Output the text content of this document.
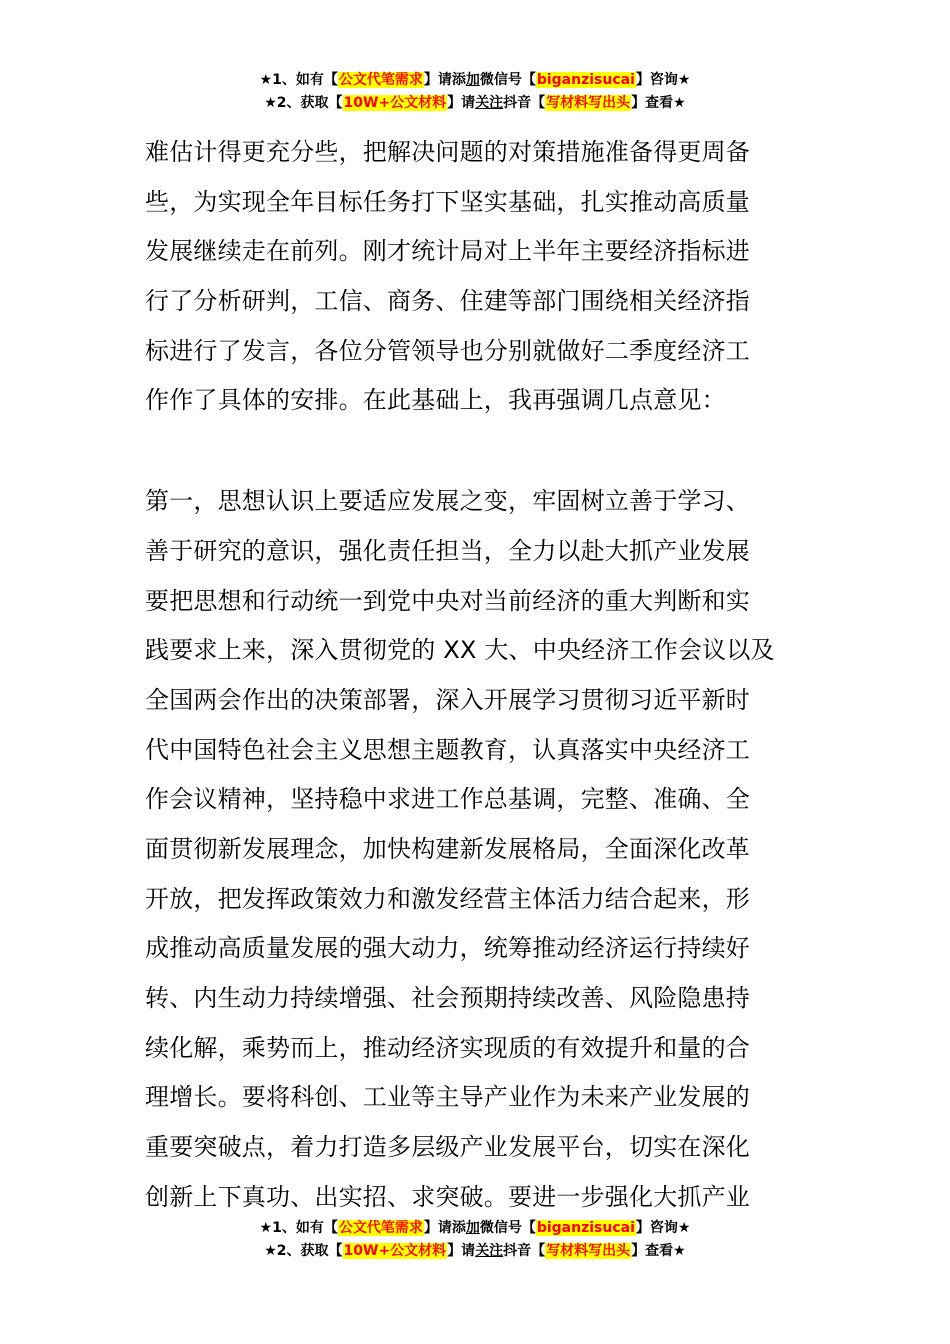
★1、如有【公文代笔需求】请添加微信号【biganzisucai】咨询★
★2、获取【10W+公文材料】请关注抖音【写材料写出头】查看★
难估计得更充分些，把解决问题的对策措施准备得更周备
些，为实现全年目标任务打下坚实基础，扎实推动高质量
发展继续走在前列。刚才统计局对上半年主要经济指标进
行了分析研判，工信、商务、住建等部门围绕相关经济指
标进行了发言，各位分管领导也分别就做好二季度经济工
作作了具体的安排。在此基础上，我再强调几点意见：
第一，思想认识上要适应发展之变，牢固树立善于学习、
善于研究的意识，强化责任担当，全力以赴大抓产业发展
要把思想和行动统一到党中央对当前经济的重大判断和实
践要求上来，深入贯彻党的 XX 大、中央经济工作会议以及
全国两会作出的决策部署，深入开展学习贯彻习近平新时
代中国特色社会主义思想主题教育，认真落实中央经济工
作会议精神，坚持稳中求进工作总基调，完整、准确、全
面贯彻新发展理念，加快构建新发展格局，全面深化改革
开放，把发挥政策效力和激发经营主体活力结合起来，形
成推动高质量发展的强大动力，统筹推动经济运行持续好
转、内生动力持续增强、社会预期持续改善、风险隐患持
续化解，乘势而上，推动经济实现质的有效提升和量的合
理增长。要将科创、工业等主导产业作为未来产业发展的
重要突破点，着力打造多层级产业发展平台，切实在深化
创新上下真功、出实招、求突破。要进一步强化大抓产业
★1、如有【公文代笔需求】请添加微信号【biganzisucai】咨询★
★2、获取【10W+公文材料】请关注抖音【写材料写出头】查看★
